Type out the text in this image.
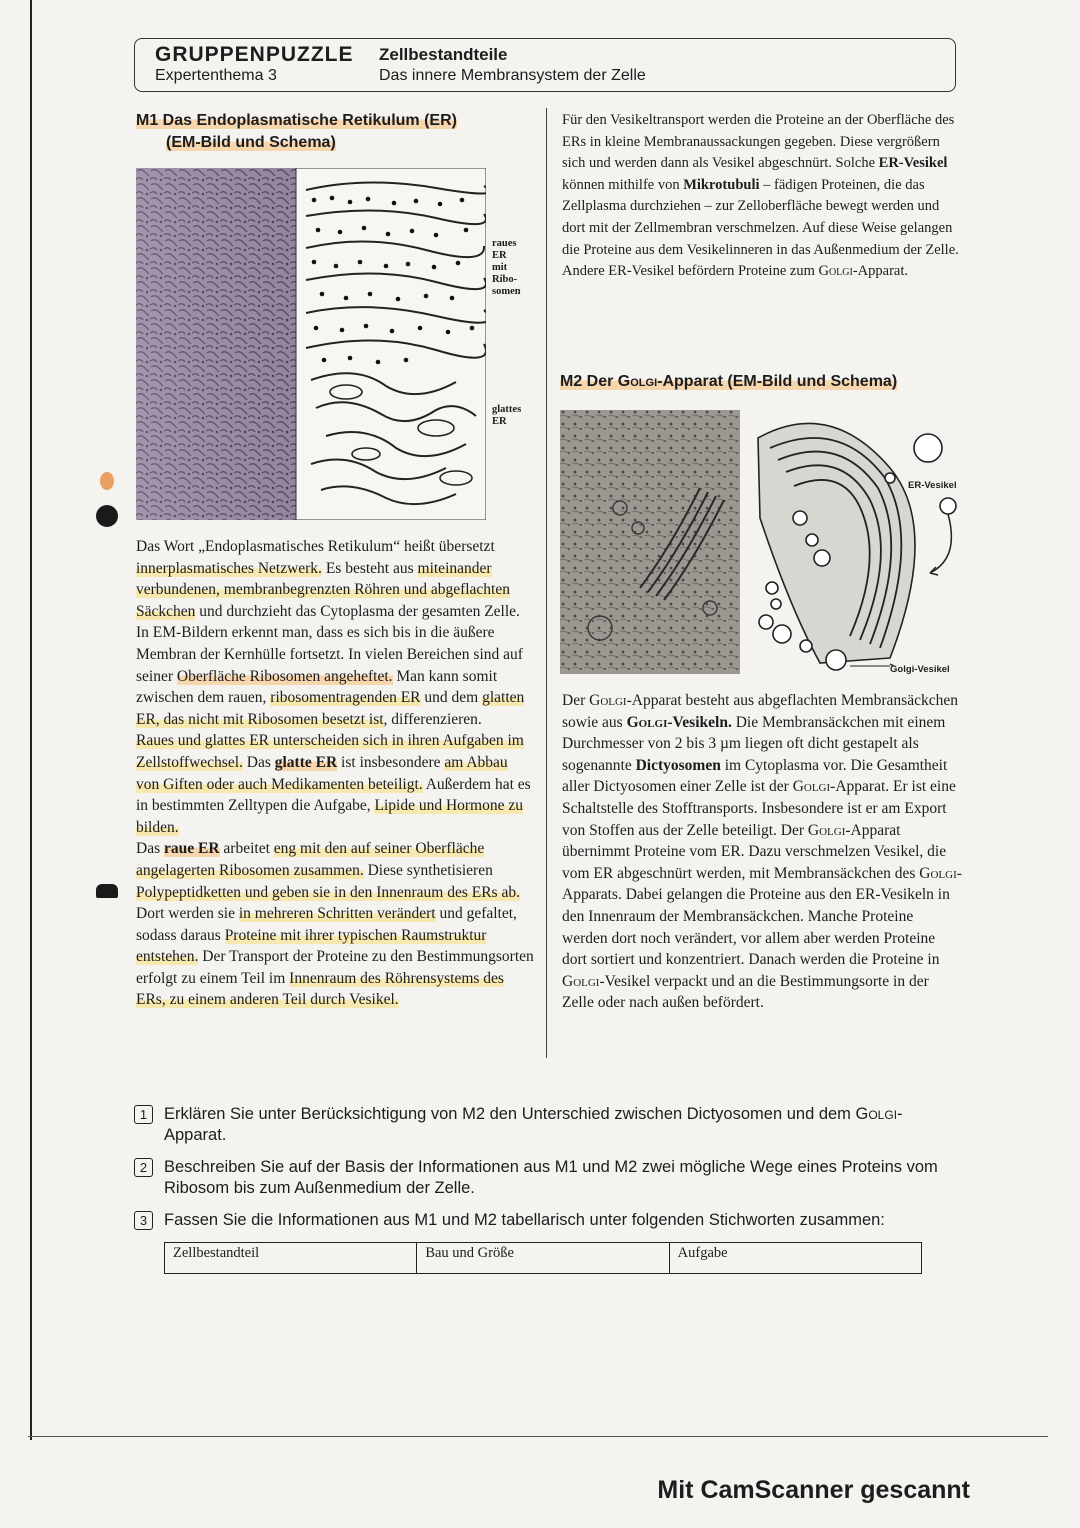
GRUPPENPUZZLE
Expertenthema 3
Zellbestandteile
Das innere Membransystem der Zelle
M1 Das Endoplasmatische Retikulum (ER)
(EM-Bild und Schema)
raues
ER mit
Ribo-
somen
glattes
ER

Das Wort „Endoplasmatisches Retikulum“ heißt übersetzt innerplasmatisches Netzwerk. Es besteht aus miteinander verbundenen, membranbegrenzten Röhren und abgeflachten Säckchen und durchzieht das Cytoplasma der gesamten Zelle. In EM-Bildern erkennt man, dass es sich bis in die äußere Membran der Kernhülle fortsetzt. In vielen Bereichen sind auf seiner Oberfläche Ribosomen angeheftet. Man kann somit zwischen dem rauen, ribosomentragenden ER und dem glatten ER, das nicht mit Ribosomen besetzt ist, differenzieren.

Raues und glattes ER unterscheiden sich in ihren Aufgaben im Zellstoffwechsel. Das glatte ER ist insbesondere am Abbau von Giften oder auch Medikamenten beteiligt. Außerdem hat es in bestimmten Zelltypen die Aufgabe, Lipide und Hormone zu bilden.

Das raue ER arbeitet eng mit den auf seiner Oberfläche angelagerten Ribosomen zusammen. Diese synthetisieren Polypeptidketten und geben sie in den Innenraum des ERs ab. Dort werden sie in mehreren Schritten verändert und gefaltet, sodass daraus Proteine mit ihrer typischen Raumstruktur entstehen. Der Transport der Proteine zu den Bestimmungsorten erfolgt zu einem Teil im Innenraum des Röhrensystems des ERs, zu einem anderen Teil durch Vesikel.

Für den Vesikeltransport werden die Proteine an der Oberfläche des ERs in kleine Membranaussackungen gegeben. Diese vergrößern sich und werden dann als Vesikel abgeschnürt. Solche ER-Vesikel können mithilfe von Mikrotubuli – fädigen Proteinen, die das Zellplasma durchziehen – zur Zelloberfläche bewegt werden und dort mit der Zellmembran verschmelzen. Auf diese Weise gelangen die Proteine aus dem Vesikelinneren in das Außenmedium der Zelle. Andere ER-Vesikel befördern Proteine zum Golgi-Apparat.
M2 Der Golgi-Apparat (EM-Bild und Schema)
ER-Vesikel
Golgi-Vesikel
Der Golgi-Apparat besteht aus abgeflachten Membransäckchen sowie aus Golgi-Vesikeln. Die Membransäckchen mit einem Durchmesser von 2 bis 3 µm liegen oft dicht gestapelt als sogenannte Dictyosomen im Cytoplasma vor. Die Gesamtheit aller Dictyosomen einer Zelle ist der Golgi-Apparat. Er ist eine Schaltstelle des Stofftransports. Insbesondere ist er am Export von Stoffen aus der Zelle beteiligt. Der Golgi-Apparat übernimmt Proteine vom ER. Dazu verschmelzen Vesikel, die vom ER abgeschnürt werden, mit Membransäckchen des Golgi-Apparats. Dabei gelangen die Proteine aus den ER-Vesikeln in den Innenraum der Membransäckchen. Manche Proteine werden dort noch verändert, vor allem aber werden Proteine dort sortiert und konzentriert. Danach werden die Proteine in Golgi-Vesikel verpackt und an die Bestimmungsorte in der Zelle oder nach außen befördert.
1	Erklären Sie unter Berücksichtigung von M2 den Unterschied zwischen Dictyosomen und dem Golgi-Apparat.
2	Beschreiben Sie auf der Basis der Informationen aus M1 und M2 zwei mögliche Wege eines Proteins vom Ribosom bis zum Außenmedium der Zelle.
3	Fassen Sie die Informationen aus M1 und M2 tabellarisch unter folgenden Stichworten zusammen:
Zellbestandteil	Bau und Größe	Aufgabe
Mit CamScanner gescannt
